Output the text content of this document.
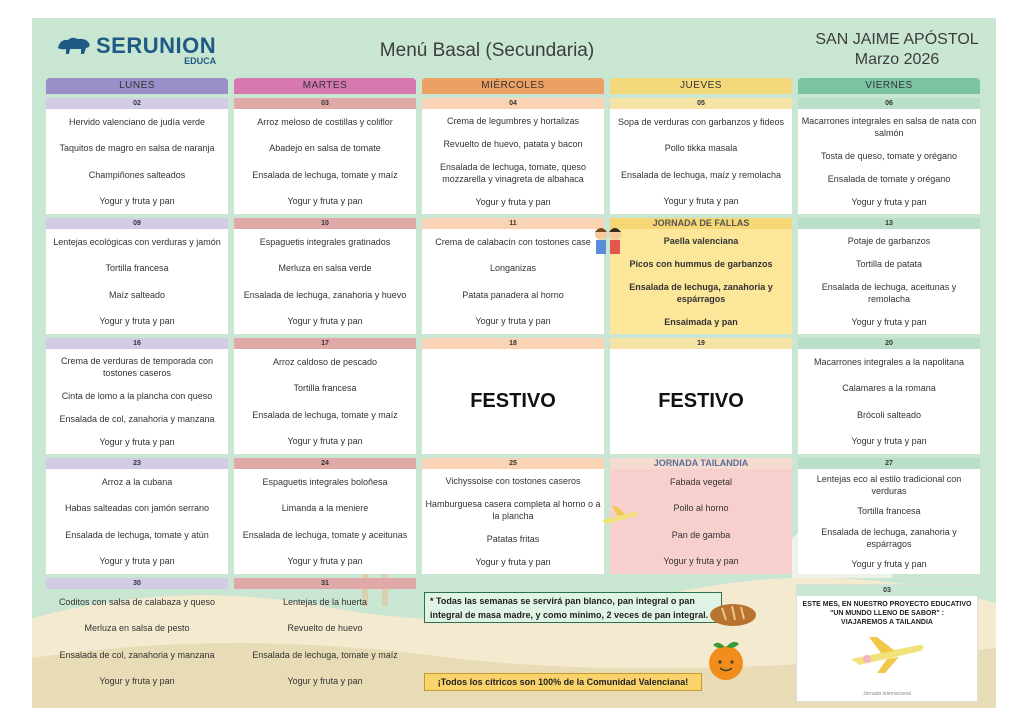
SERUNION
EDUCA	Menú Basal (Secundaria)
SAN JAIME APÓSTOL
Marzo 2026
LUNES	MARTES	MIÉRCOLES	JUEVES	VIERNES
02
Hervido valenciano de judía verde
Taquitos de magro en salsa de naranja
Champiñones salteados
Yogur y fruta y pan
03
Arroz meloso de costillas y coliflor
Abadejo en salsa de tomate
Ensalada de lechuga, tomate y maíz
Yogur y fruta y pan
04
Crema de legumbres y hortalizas
Revuelto de huevo, patata y bacon
Ensalada de lechuga, tomate, queso mozzarella y vinagreta de albahaca
Yogur y fruta y pan
05
Sopa de verduras con garbanzos y fideos
Pollo tikka masala
Ensalada de lechuga, maíz y remolacha
Yogur y fruta y pan
06
Macarrones integrales en salsa de nata con salmón
Tosta de queso, tomate y orégano
Ensalada de tomate y orégano
Yogur y fruta y pan
09
Lentejas ecológicas con verduras y jamón
Tortilla francesa
Maíz salteado
Yogur y fruta y pan
10
Espaguetis integrales gratinados
Merluza en salsa verde
Ensalada de lechuga, zanahoria y huevo
Yogur y fruta y pan
11
Crema de calabacín con tostones case
Longanizas
Patata panadera al horno
Yogur y fruta y pan
JORNADA DE FALLAS
Paella valenciana
Picos con hummus de garbanzos
Ensalada de lechuga, zanahoria y espárragos
Ensaimada y pan
13
Potaje de garbanzos
Tortilla de patata
Ensalada de lechuga, aceitunas y remolacha
Yogur y fruta y pan
16
Crema de verduras de temporada con tostones caseros
Cinta de lomo a la plancha con queso
Ensalada de col, zanahoria y manzana
Yogur y fruta y pan
17
Arroz caldoso de pescado
Tortilla francesa
Ensalada de lechuga, tomate y maíz
Yogur y fruta y pan
18
FESTIVO
19
FESTIVO
20
Macarrones integrales a la napolitana
Calamares a la romana
Brócoli salteado
Yogur y fruta y pan
23
Arroz a la cubana
Habas salteadas con jamón serrano
Ensalada de lechuga, tomate y atún
Yogur y fruta y pan
24
Espaguetis integrales boloñesa
Limanda a la meniere
Ensalada de lechuga, tomate y aceitunas
Yogur y fruta y pan
25
Vichyssoise con tostones caseros
Hamburguesa casera completa al horno o a la plancha
Patatas fritas
Yogur y fruta y pan
JORNADA TAILANDIA
Fabada vegetal
Pollo al horno
Pan de gamba
Yogur y fruta y pan
27
Lentejas eco al estilo tradicional con verduras
Tortilla francesa
Ensalada de lechuga, zanahoria y espárragos
Yogur y fruta y pan
30
Coditos con salsa de calabaza y queso
Merluza en salsa de pesto
Ensalada de col, zanahoria y manzana
Yogur y fruta y pan
31
Lentejas de la huerta
Revuelto de huevo
Ensalada de lechuga, tomate y maíz
Yogur y fruta y pan
* Todas las semanas se servirá pan blanco, pan integral o pan integral de masa madre, y como mínimo, 2 veces de pan integral.
¡Todos los cítricos son 100% de la Comunidad Valenciana!
03
ESTE MES, EN NUESTRO PROYECTO EDUCATIVO
"UN MUNDO LLENO DE SABOR" :
VIAJAREMOS A TAILANDIA
Jornada internacional
